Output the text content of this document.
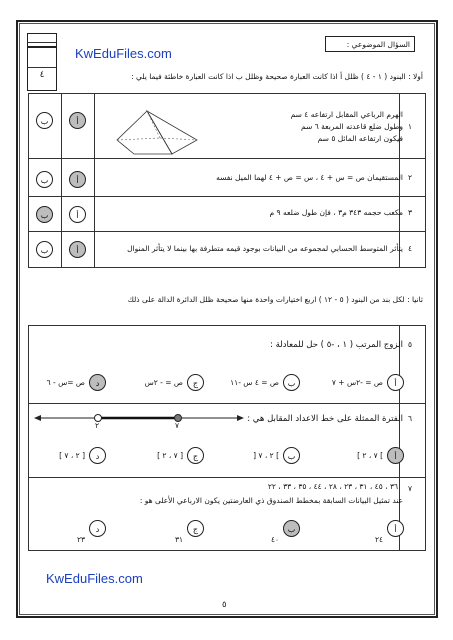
٤
KwEduFiles.com
السؤال الموضوعي :
أولا : البنود ( ١ - ٤ ) ظلل أ اذا كانت العبارة صحيحة وظلل ب اذا كانت العبارة خاطئة فيما يلي :
١
الهرم الرباعي المقابل ارتفاعه ٤ سم
وطول ضلع قاعدته المربعة ٦ سم
فيكون ارتفاعه المائل ٥ سم
ب	أ
٢
المستقيمان ص = س + ٤ ، س = ص + ٤ لهما الميل نفسه
ب	أ
٣
مكعب حجمه ٣٤٣ م٣ ، فإن طول ضلعه ٩ م
ب	أ
٤
يتأثر المتوسط الحسابي لمجموعه من البيانات بوجود قيمه متطرفة بها بينما لا يتأثر المنوال
ب	أ
ثانيا : لكل بند من البنود ( ٥ - ١٢ ) اربع اختيارات واحدة منها صحيحة ظلل الدائرة الدالة على ذلك
٥
الزوج المرتب ( ١ ، -٥ ) حل للمعادلة :
أ
ص = -٢س + ٧
ب
ص = ٤ س -١١
ج
ص = - ٢س
د
ص =س - ٦
٦
الفترة الممثلة على خط الاعداد المقابل هي :
٢	٧
أ
] ٧ ، ٢ ]
ب
] ٢ ، ٧ [
ج
[ ٧ ، ٢ ]
د
[ ٢ ، ٧ ]
٧
٣٦ ، ٤٥ ، ٣١ ، ٢٣ ، ٢٨ ، ٤٤ ، ٣٥ ، ٣٣ ، ٢٢
عند تمثيل البيانات السابقة بمخطط الصندوق ذي العارضتين يكون الارباعي الأعلى هو :
أ
٢٤
ب
٤٠
ج
٣١
د
٢٣
KwEduFiles.com
٥
